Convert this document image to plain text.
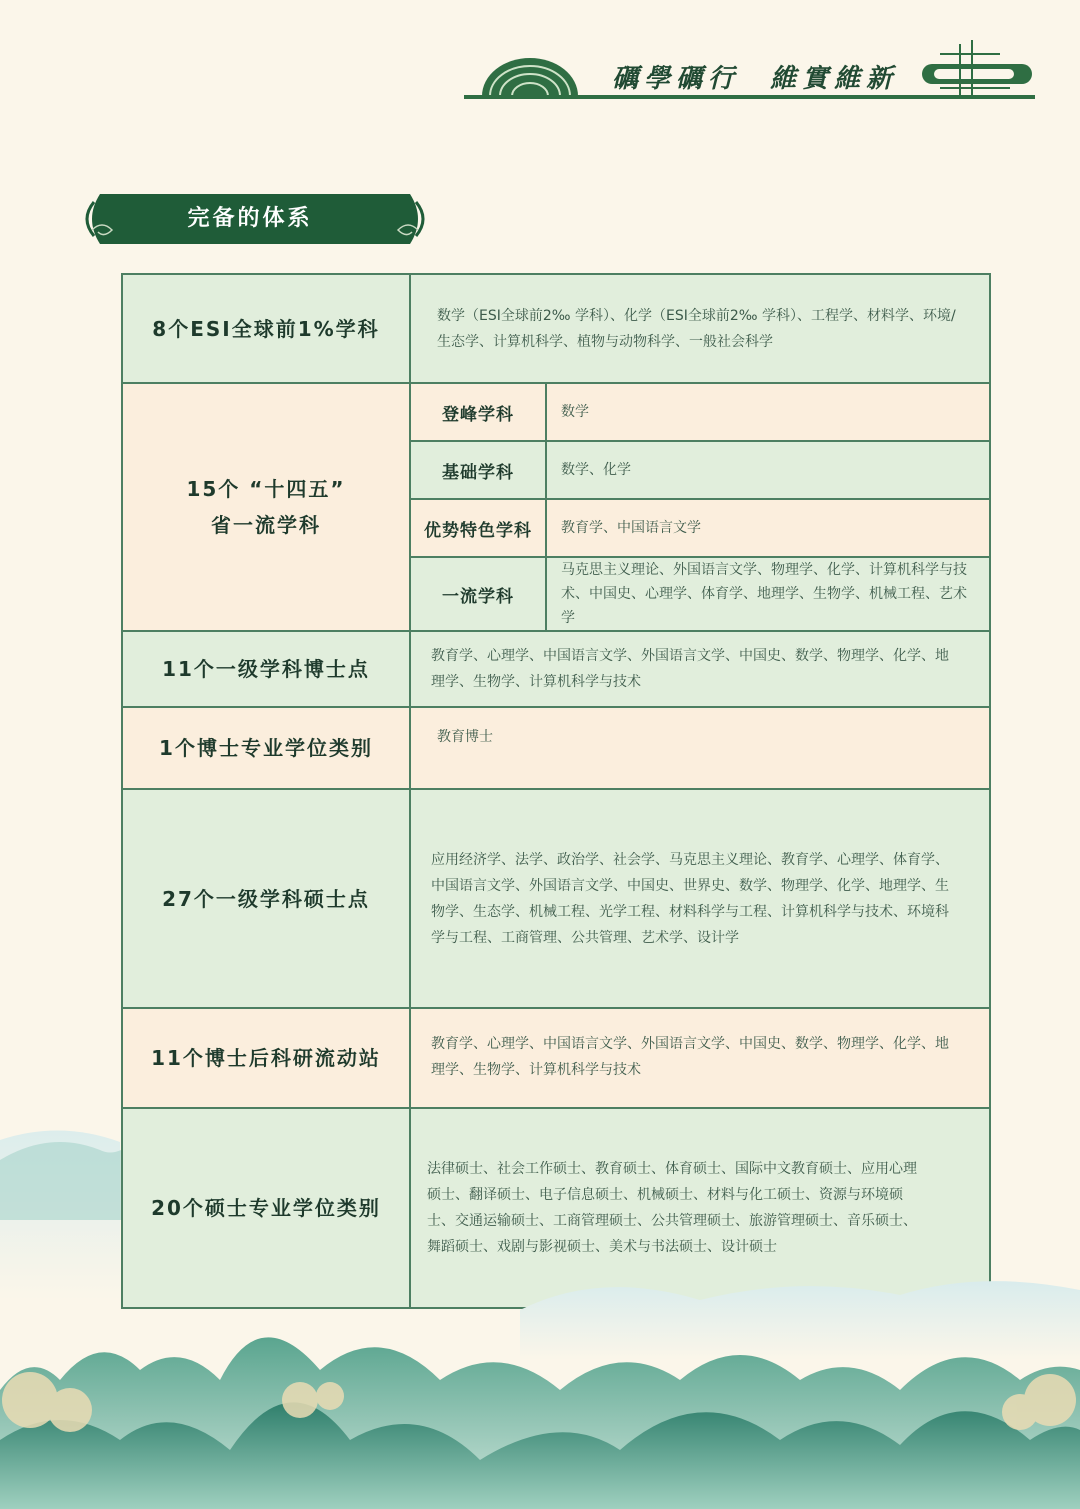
礪學礪行  維實維新
完备的体系
8个ESI全球前1%学科	数学（ESI全球前2‰ 学科）、化学（ESI全球前2‰ 学科）、工程学、材料学、环境/生态学、计算机科学、植物与动物科学、一般社会科学	

15个 “十四五”
省一流学科	登峰学科	数学
	基础学科	数学、化学
	优势特色学科	教育学、中国语言文学
	一流学科	马克思主义理论、外国语言文学、物理学、化学、计算机科学与技术、中国史、心理学、体育学、地理学、生物学、机械工程、艺术学
11个一级学科博士点	教育学、心理学、中国语言文学、外国语言文学、中国史、数学、物理学、化学、地理学、生物学、计算机科学与技术	
1个博士专业学位类别	教育博士	
27个一级学科硕士点	应用经济学、法学、政治学、社会学、马克思主义理论、教育学、心理学、体育学、中国语言文学、外国语言文学、中国史、世界史、数学、物理学、化学、地理学、生物学、生态学、机械工程、光学工程、材料科学与工程、计算机科学与技术、环境科学与工程、工商管理、公共管理、艺术学、设计学	
11个博士后科研流动站	教育学、心理学、中国语言文学、外国语言文学、中国史、数学、物理学、化学、地理学、生物学、计算机科学与技术	
20个硕士专业学位类别	法律硕士、社会工作硕士、教育硕士、体育硕士、国际中文教育硕士、应用心理硕士、翻译硕士、电子信息硕士、机械硕士、材料与化工硕士、资源与环境硕士、交通运输硕士、工商管理硕士、公共管理硕士、旅游管理硕士、音乐硕士、舞蹈硕士、戏剧与影视硕士、美术与书法硕士、设计硕士	
